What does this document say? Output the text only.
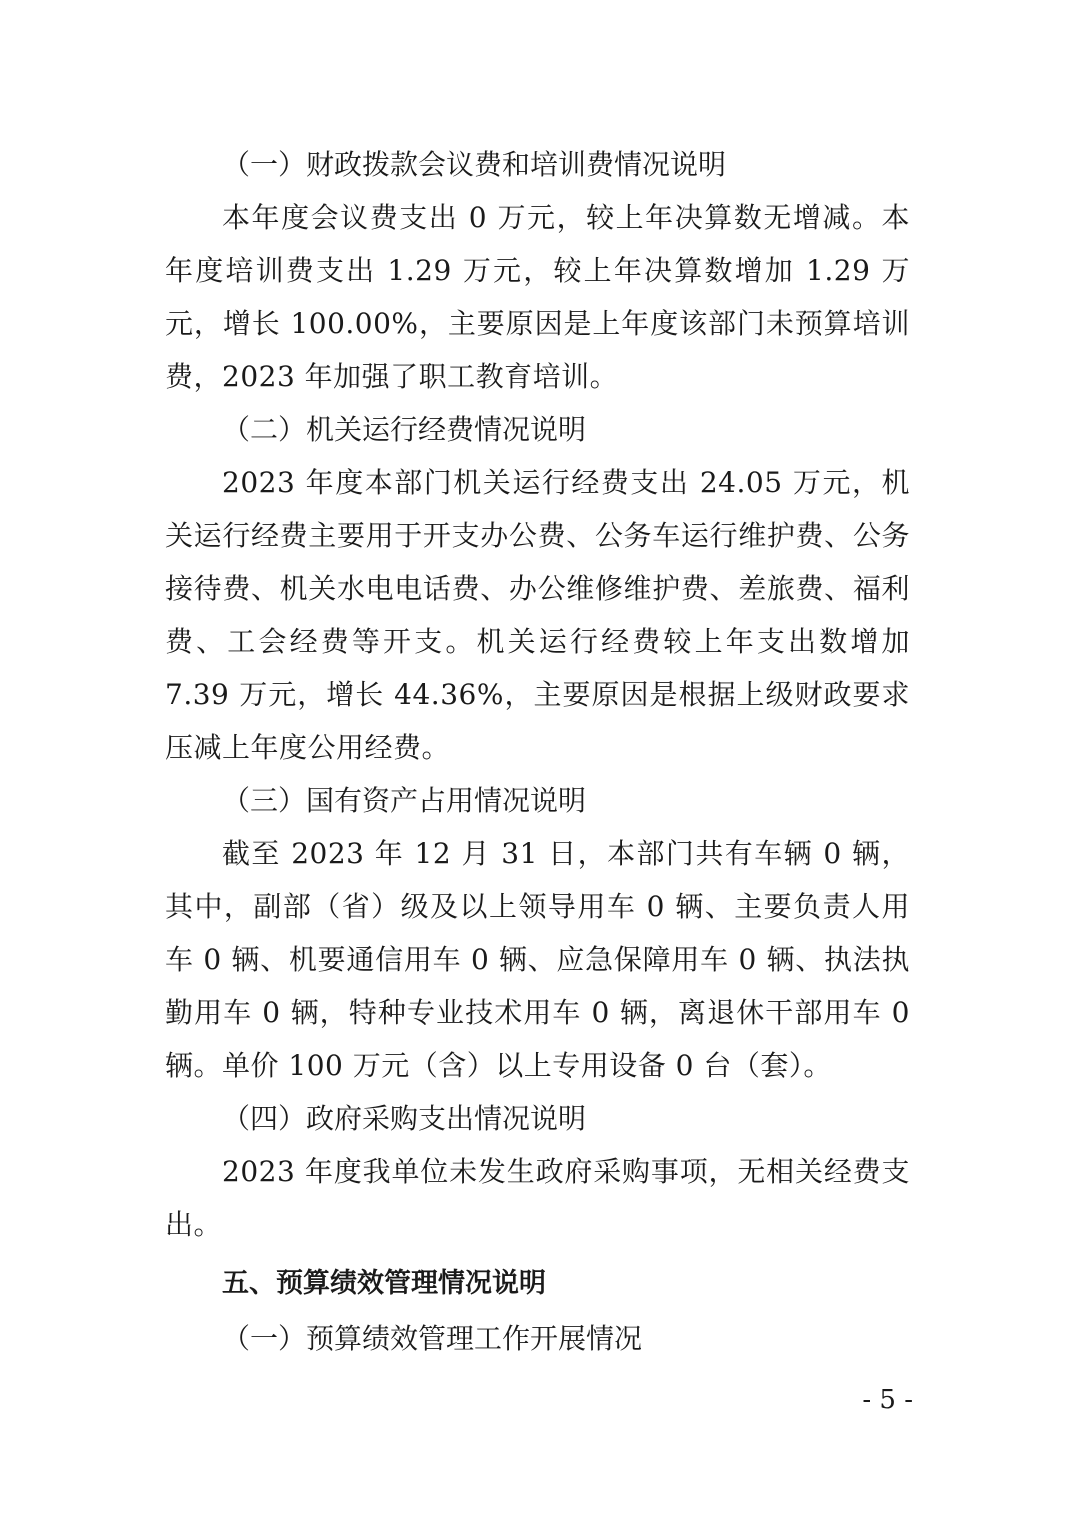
（一）财政拨款会议费和培训费情况说明

本年度会议费支出 0 万元，较上年决算数无增减。本年度培训费支出 1.29 万元，较上年决算数增加 1.29 万元，增长 100.00%，主要原因是上年度该部门未预算培训费，2023 年加强了职工教育培训。

（二）机关运行经费情况说明

2023 年度本部门机关运行经费支出 24.05 万元，机关运行经费主要用于开支办公费、公务车运行维护费、公务接待费、机关水电电话费、办公维修维护费、差旅费、福利费、工会经费等开支。机关运行经费较上年支出数增加 7.39 万元，增长 44.36%，主要原因是根据上级财政要求压减上年度公用经费。

（三）国有资产占用情况说明

截至 2023 年 12 月 31 日，本部门共有车辆 0 辆，其中，副部（省）级及以上领导用车 0 辆、主要负责人用车 0 辆、机要通信用车 0 辆、应急保障用车 0 辆、执法执勤用车 0 辆，特种专业技术用车 0 辆，离退休干部用车 0 辆。单价 100 万元（含）以上专用设备 0 台（套）。

（四）政府采购支出情况说明

2023 年度我单位未发生政府采购事项，无相关经费支出。

五、预算绩效管理情况说明

（一）预算绩效管理工作开展情况

- 5 -
